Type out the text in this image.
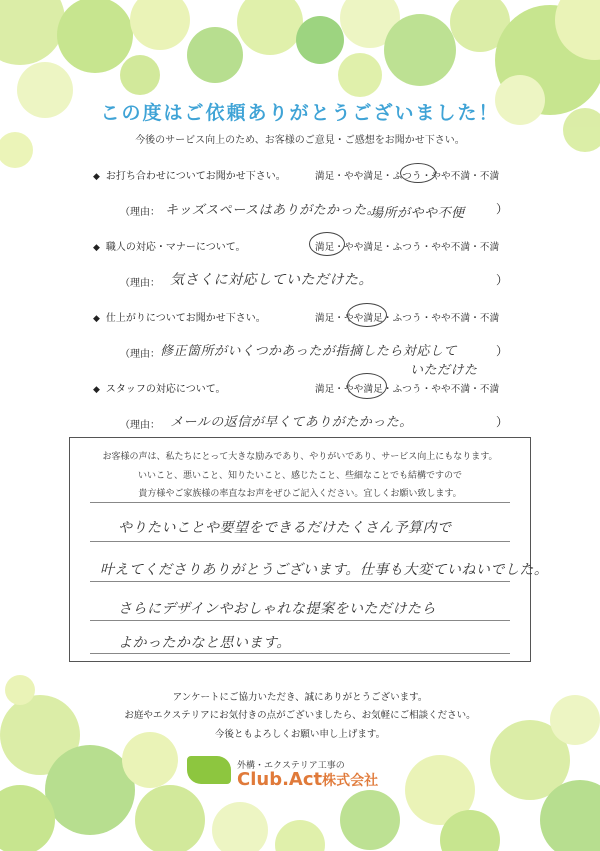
この度はご依頼ありがとうございました！
今後のサービス向上のため、お客様のご意見・ご感想をお聞かせ下さい。
◆ お打ち合わせについてお聞かせ下さい。	満足・やや満足・ふつう・やや不満・不満
（理由： キッズスペースはありがたかった。
場所がやや不便	）
◆ 職人の対応・マナーについて。	満足・やや満足・ふつう・やや不満・不満
（理由： 気さくに対応していただけた。	）
◆ 仕上がりについてお聞かせ下さい。	満足・やや満足・ふつう・やや不満・不満
（理由： 修正箇所がいくつかあったが指摘したら対応して
いただけた
）
◆ スタッフの対応について。	満足・やや満足・ふつう・やや不満・不満
（理由： メールの返信が早くてありがたかった。	）
お客様の声は、私たちにとって大きな励みであり、やりがいであり、サービス向上にもなります。
いいこと、悪いこと、知りたいこと、感じたこと、些細なことでも結構ですので
貴方様やご家族様の率直なお声をぜひご記入ください。宜しくお願い致します。
やりたいことや要望をできるだけたくさん予算内で
叶えてくださりありがとうございます。仕事も大変ていねいでした。
さらにデザインやおしゃれな提案をいただけたら
よかったかなと思います。
アンケートにご協力いただき、誠にありがとうございます。
お庭やエクステリアにお気付きの点がございましたら、お気軽にご相談ください。
今後ともよろしくお願い申し上げます。
外構・エクステリア工事の
Club.Act株式会社
